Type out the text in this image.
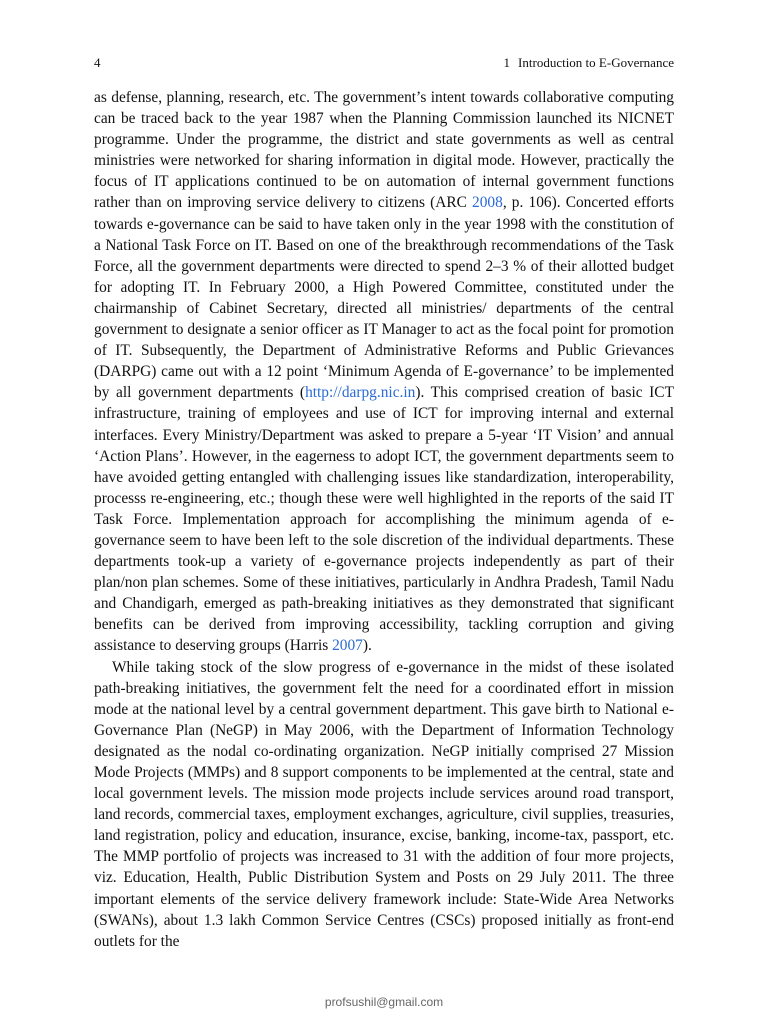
4	1 Introduction to E-Governance

as defense, planning, research, etc. The government’s intent towards collaborative computing can be traced back to the year 1987 when the Planning Commission launched its NICNET programme. Under the programme, the district and state governments as well as central ministries were networked for sharing information in digital mode. However, practically the focus of IT applications continued to be on automation of internal government functions rather than on improving service delivery to citizens (ARC 2008, p. 106). Concerted efforts towards e-governance can be said to have taken only in the year 1998 with the constitution of a National Task Force on IT. Based on one of the breakthrough recommendations of the Task Force, all the government departments were directed to spend 2–3 % of their allotted budget for adopting IT. In February 2000, a High Powered Committee, constituted under the chairmanship of Cabinet Secretary, directed all ministries/ departments of the central government to designate a senior officer as IT Manager to act as the focal point for promotion of IT. Subsequently, the Department of Administrative Reforms and Public Grievances (DARPG) came out with a 12 point ‘Minimum Agenda of E-governance’ to be implemented by all government departments (http://darpg.nic.in). This comprised creation of basic ICT infrastructure, training of employees and use of ICT for improving internal and external interfaces. Every Ministry/Department was asked to prepare a 5-year ‘IT Vision’ and annual ‘Action Plans’. However, in the eagerness to adopt ICT, the government departments seem to have avoided getting entangled with challenging issues like standardization, interoperability, processs re-engineering, etc.; though these were well highlighted in the reports of the said IT Task Force. Implementation approach for accomplishing the minimum agenda of e-governance seem to have been left to the sole discretion of the individual departments. These departments took-up a variety of e-governance projects independently as part of their plan/non plan schemes. Some of these initiatives, particularly in Andhra Pradesh, Tamil Nadu and Chandigarh, emerged as path-breaking initiatives as they demonstrated that significant benefits can be derived from improving accessibility, tackling corruption and giving assistance to deserving groups (Harris 2007).

While taking stock of the slow progress of e-governance in the midst of these isolated path-breaking initiatives, the government felt the need for a coordinated effort in mission mode at the national level by a central government department. This gave birth to National e-Governance Plan (NeGP) in May 2006, with the Department of Information Technology designated as the nodal co-ordinating organization. NeGP initially comprised 27 Mission Mode Projects (MMPs) and 8 support components to be implemented at the central, state and local government levels. The mission mode projects include services around road transport, land records, commercial taxes, employment exchanges, agriculture, civil supplies, treasuries, land registration, policy and education, insurance, excise, banking, income-tax, passport, etc. The MMP portfolio of projects was increased to 31 with the addition of four more projects, viz. Education, Health, Public Distribution System and Posts on 29 July 2011. The three important elements of the service delivery framework include: State-Wide Area Networks (SWANs), about 1.3 lakh Common Service Centres (CSCs) proposed initially as front-end outlets for the

profsushil@gmail.com
